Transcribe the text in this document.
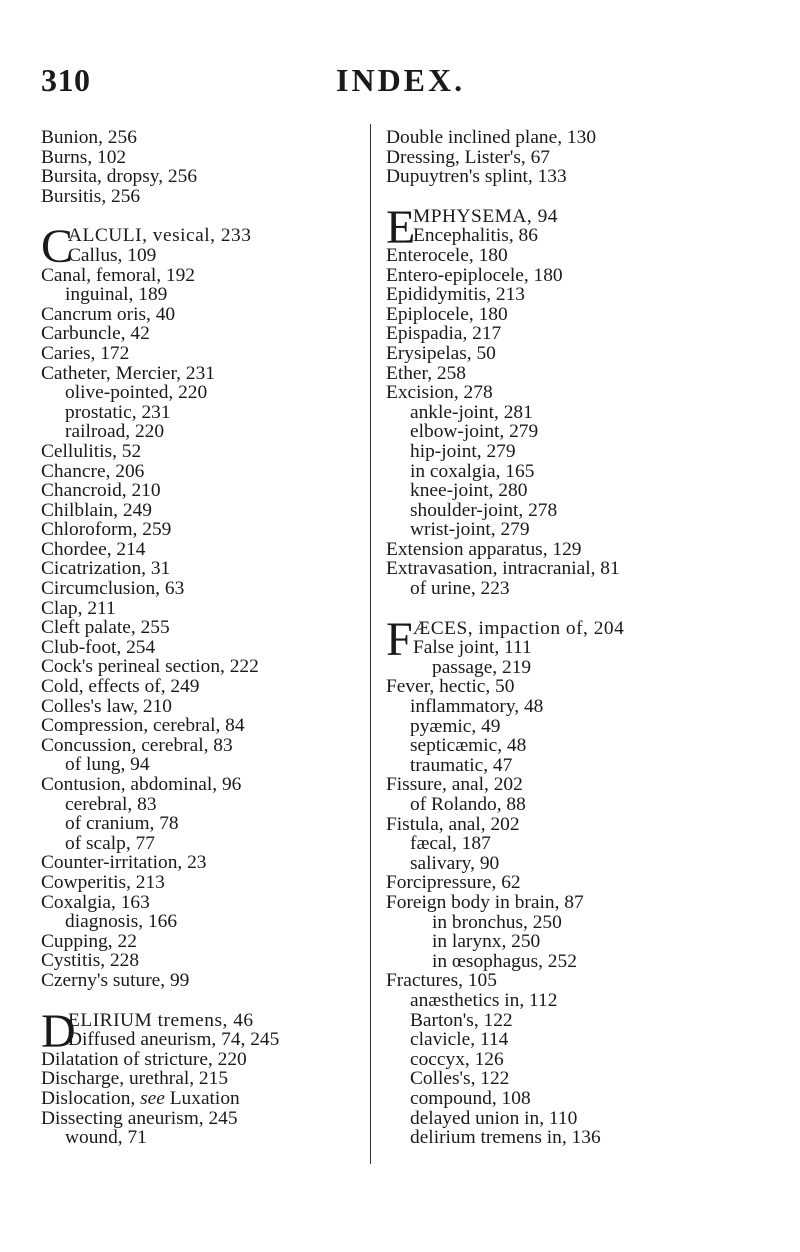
310	INDEX.
Bunion, 256
Burns, 102
Bursita, dropsy, 256
Bursitis, 256
C
ALCULI, vesical, 233
Callus, 109
Canal, femoral, 192
inguinal, 189
Cancrum oris, 40
Carbuncle, 42
Caries, 172
Catheter, Mercier, 231
olive-pointed, 220
prostatic, 231
railroad, 220
Cellulitis, 52
Chancre, 206
Chancroid, 210
Chilblain, 249
Chloroform, 259
Chordee, 214
Cicatrization, 31
Circumclusion, 63
Clap, 211
Cleft palate, 255
Club-foot, 254
Cock's perineal section, 222
Cold, effects of, 249
Colles's law, 210
Compression, cerebral, 84
Concussion, cerebral, 83
of lung, 94
Contusion, abdominal, 96
cerebral, 83
of cranium, 78
of scalp, 77
Counter-irritation, 23
Cowperitis, 213
Coxalgia, 163
diagnosis, 166
Cupping, 22
Cystitis, 228
Czerny's suture, 99
D
ELIRIUM tremens, 46
Diffused aneurism, 74, 245
Dilatation of stricture, 220
Discharge, urethral, 215
Dislocation, see Luxation
Dissecting aneurism, 245
wound, 71
Double inclined plane, 130
Dressing, Lister's, 67
Dupuytren's splint, 133
E
MPHYSEMA, 94
Encephalitis, 86
Enterocele, 180
Entero-epiplocele, 180
Epididymitis, 213
Epiplocele, 180
Epispadia, 217
Erysipelas, 50
Ether, 258
Excision, 278
ankle-joint, 281
elbow-joint, 279
hip-joint, 279
in coxalgia, 165
knee-joint, 280
shoulder-joint, 278
wrist-joint, 279
Extension apparatus, 129
Extravasation, intracranial, 81
of urine, 223
F ÆCES, impaction of, 204
False joint, 111
passage, 219
Fever, hectic, 50
inflammatory, 48
pyæmic, 49
septicæmic, 48
traumatic, 47
Fissure, anal, 202
of Rolando, 88
Fistula, anal, 202
fæcal, 187
salivary, 90
Forcipressure, 62
Foreign body in brain, 87
in bronchus, 250
in larynx, 250
in œsophagus, 252
Fractures, 105
anæsthetics in, 112
Barton's, 122
clavicle, 114
coccyx, 126
Colles's, 122
compound, 108
delayed union in, 110
delirium tremens in, 136
